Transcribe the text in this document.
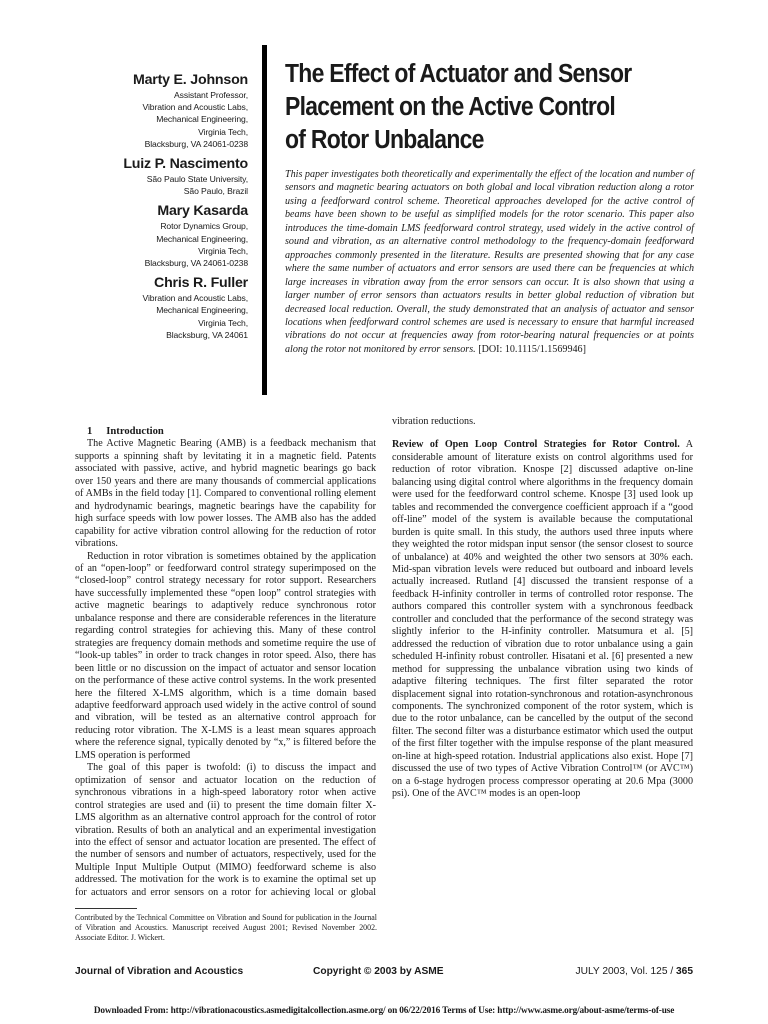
Marty E. Johnson
Assistant Professor,
Vibration and Acoustic Labs,
Mechanical Engineering,
Virginia Tech,
Blacksburg, VA 24061-0238
Luiz P. Nascimento
São Paulo State University,
São Paulo, Brazil
Mary Kasarda
Rotor Dynamics Group,
Mechanical Engineering,
Virginia Tech,
Blacksburg, VA 24061-0238
Chris R. Fuller
Vibration and Acoustic Labs,
Mechanical Engineering,
Virginia Tech,
Blacksburg, VA 24061
The Effect of Actuator and Sensor
Placement on the Active Control
of Rotor Unbalance
This paper investigates both theoretically and experimentally the effect of the location and number of sensors and magnetic bearing actuators on both global and local vibration reduction along a rotor using a feedforward control scheme. Theoretical approaches developed for the active control of beams have been shown to be useful as simplified models for the rotor scenario. This paper also introduces the time-domain LMS feedforward control strategy, used widely in the active control of sound and vibration, as an alternative control methodology to the frequency-domain feedforward approaches commonly presented in the literature. Results are presented showing that for any case where the same number of actuators and error sensors are used there can be frequencies at which large increases in vibration away from the error sensors can occur. It is also shown that using a larger number of error sensors than actuators results in better global reduction of vibration but decreased local reduction. Overall, the study demonstrated that an analysis of actuator and sensor locations when feedforward control schemes are used is necessary to ensure that harmful increased vibrations do not occur at frequencies away from rotor-bearing natural frequencies or at points along the rotor not monitored by error sensors. [DOI: 10.1115/1.1569946]

1 Introduction

The Active Magnetic Bearing (AMB) is a feedback mechanism that supports a spinning shaft by levitating it in a magnetic field. Patents associated with passive, active, and hybrid magnetic bearings go back over 150 years and there are many thousands of commercial applications of AMBs in the field today [1]. Compared to conventional rolling element and hydrodynamic bearings, magnetic bearings have the capability for high surface speeds with low power losses. The AMB also has the added capability for active vibration control allowing for the reduction of rotor vibrations.

Reduction in rotor vibration is sometimes obtained by the application of an “open-loop” or feedforward control strategy superimposed on the “closed-loop” control strategy necessary for rotor support. Researchers have successfully implemented these “open loop” control strategies with active magnetic bearings to adaptively reduce synchronous rotor unbalance response and there are considerable references in the literature regarding control strategies for achieving this. Many of these control strategies are frequency domain methods and sometime require the use of “look-up tables” in order to track changes in rotor speed. Also, there has been little or no discussion on the impact of actuator and sensor location on the performance of these active control systems. In the work presented here the filtered X-LMS algorithm, which is a time domain based adaptive feedforward approach used widely in the active control of sound and vibration, will be tested as an alternative control approach for reducing rotor vibration. The X-LMS is a least mean squares approach where the reference signal, typically denoted by “x,” is filtered before the LMS operation is performed

The goal of this paper is twofold: (i) to discuss the impact and optimization of sensor and actuator location on the reduction of synchronous vibrations in a high-speed laboratory rotor when active control strategies are used and (ii) to present the time domain filter X-LMS algorithm as an alternative control approach for the control of rotor vibration. Results of both an analytical and an experimental investigation into the effect of sensor and actuator location are presented. The effect of the number of sensors and number of actuators, respectively, used for the Multiple Input Multiple Output (MIMO) feedforward scheme is also addressed. The motivation for the work is to examine the optimal set up for actuators and error sensors on a rotor for achieving local or global

vibration reductions.

Review of Open Loop Control Strategies for Rotor Control. A considerable amount of literature exists on control algorithms used for reduction of rotor vibration. Knospe [2] discussed adaptive on-line balancing using digital control where algorithms in the frequency domain were used for the feedforward control scheme. Knospe [3] used look up tables and recommended the convergence coefficient approach if a “good off-line” model of the system is available because the computational burden is quite small. In this study, the authors used three inputs where they weighted the rotor midspan input sensor (the sensor closest to source of unbalance) at 40% and weighted the other two sensors at 30% each. Mid-span vibration levels were reduced but outboard and inboard levels actually increased. Rutland [4] discussed the transient response of a feedback H-infinity controller in terms of controlled rotor response. The authors compared this controller system with a synchronous feedback controller and concluded that the performance of the second strategy was slightly inferior to the H-infinity controller. Matsumura et al. [5] addressed the reduction of vibration due to rotor unbalance using a gain scheduled H-infinity robust controller. Hisatani et al. [6] presented a new method for suppressing the unbalance vibration using two kinds of adaptive filtering techniques. The first filter separated the rotor displacement signal into rotation-synchronous and rotation-asynchronous components. The synchronized component of the rotor system, which is due to the rotor unbalance, can be cancelled by the output of the second filter. The second filter was a disturbance estimator which used the output of the first filter together with the impulse response of the plant measured on-line at high-speed rotation. Industrial applications also exist. Hope [7] discussed the use of two types of Active Vibration Control™ (or AVC™) on a 6-stage hydrogen process compressor operating at 20.6 Mpa (3000 psi). One of the AVC™ modes is an open-loop

Contributed by the Technical Committee on Vibration and Sound for publication in the Journal of Vibration and Acoustics. Manuscript received August 2001; Revised November 2002. Associate Editor. J. Wickert.
Journal of Vibration and Acoustics	Copyright © 2003 by ASME	JULY 2003, Vol. 125 / 365
Downloaded From: http://vibrationacoustics.asmedigitalcollection.asme.org/ on 06/22/2016 Terms of Use: http://www.asme.org/about-asme/terms-of-use
